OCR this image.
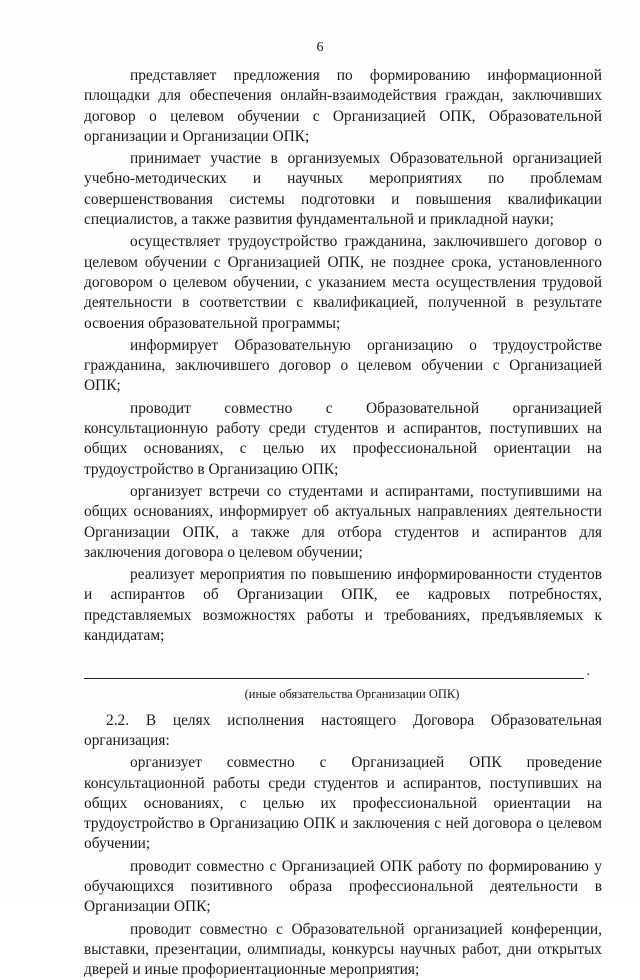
6

представляет предложения по формированию информационной площадки для обеспечения онлайн-взаимодействия граждан, заключивших договор о целевом обучении с Организацией ОПК, Образовательной организации и Организации ОПК;

принимает участие в организуемых Образовательной организацией учебно-методических и научных мероприятиях по проблемам совершенствования системы подготовки и повышения квалификации специалистов, а также развития фундаментальной и прикладной науки;

осуществляет трудоустройство гражданина, заключившего договор о целевом обучении с Организацией ОПК, не позднее срока, установленного договором о целевом обучении, с указанием места осуществления трудовой деятельности в соответствии с квалификацией, полученной в результате освоения образовательной программы;

информирует Образовательную организацию о трудоустройстве гражданина, заключившего договор о целевом обучении с Организацией ОПК;

проводит совместно с Образовательной организацией консультационную работу среди студентов и аспирантов, поступивших на общих основаниях, с целью их профессиональной ориентации на трудоустройство в Организацию ОПК;

организует встречи со студентами и аспирантами, поступившими на общих основаниях, информирует об актуальных направлениях деятельности Организации ОПК, а также для отбора студентов и аспирантов для заключения договора о целевом обучении;

реализует мероприятия по повышению информированности студентов и аспирантов об Организации ОПК, ее кадровых потребностях, представляемых возможностях работы и требованиях, предъявляемых к кандидатам;

.
(иные обязательства Организации ОПК)

2.2. В целях исполнения настоящего Договора Образовательная организация:

организует совместно с Организацией ОПК проведение консультационной работы среди студентов и аспирантов, поступивших на общих основаниях, с целью их профессиональной ориентации на трудоустройство в Организацию ОПК и заключения с ней договора о целевом обучении;

проводит совместно с Организацией ОПК работу по формированию у обучающихся позитивного образа профессиональной деятельности в Организации ОПК;

проводит совместно с Образовательной организацией конференции, выставки, презентации, олимпиады, конкурсы научных работ, дни открытых дверей и иные профориентационные мероприятия;
